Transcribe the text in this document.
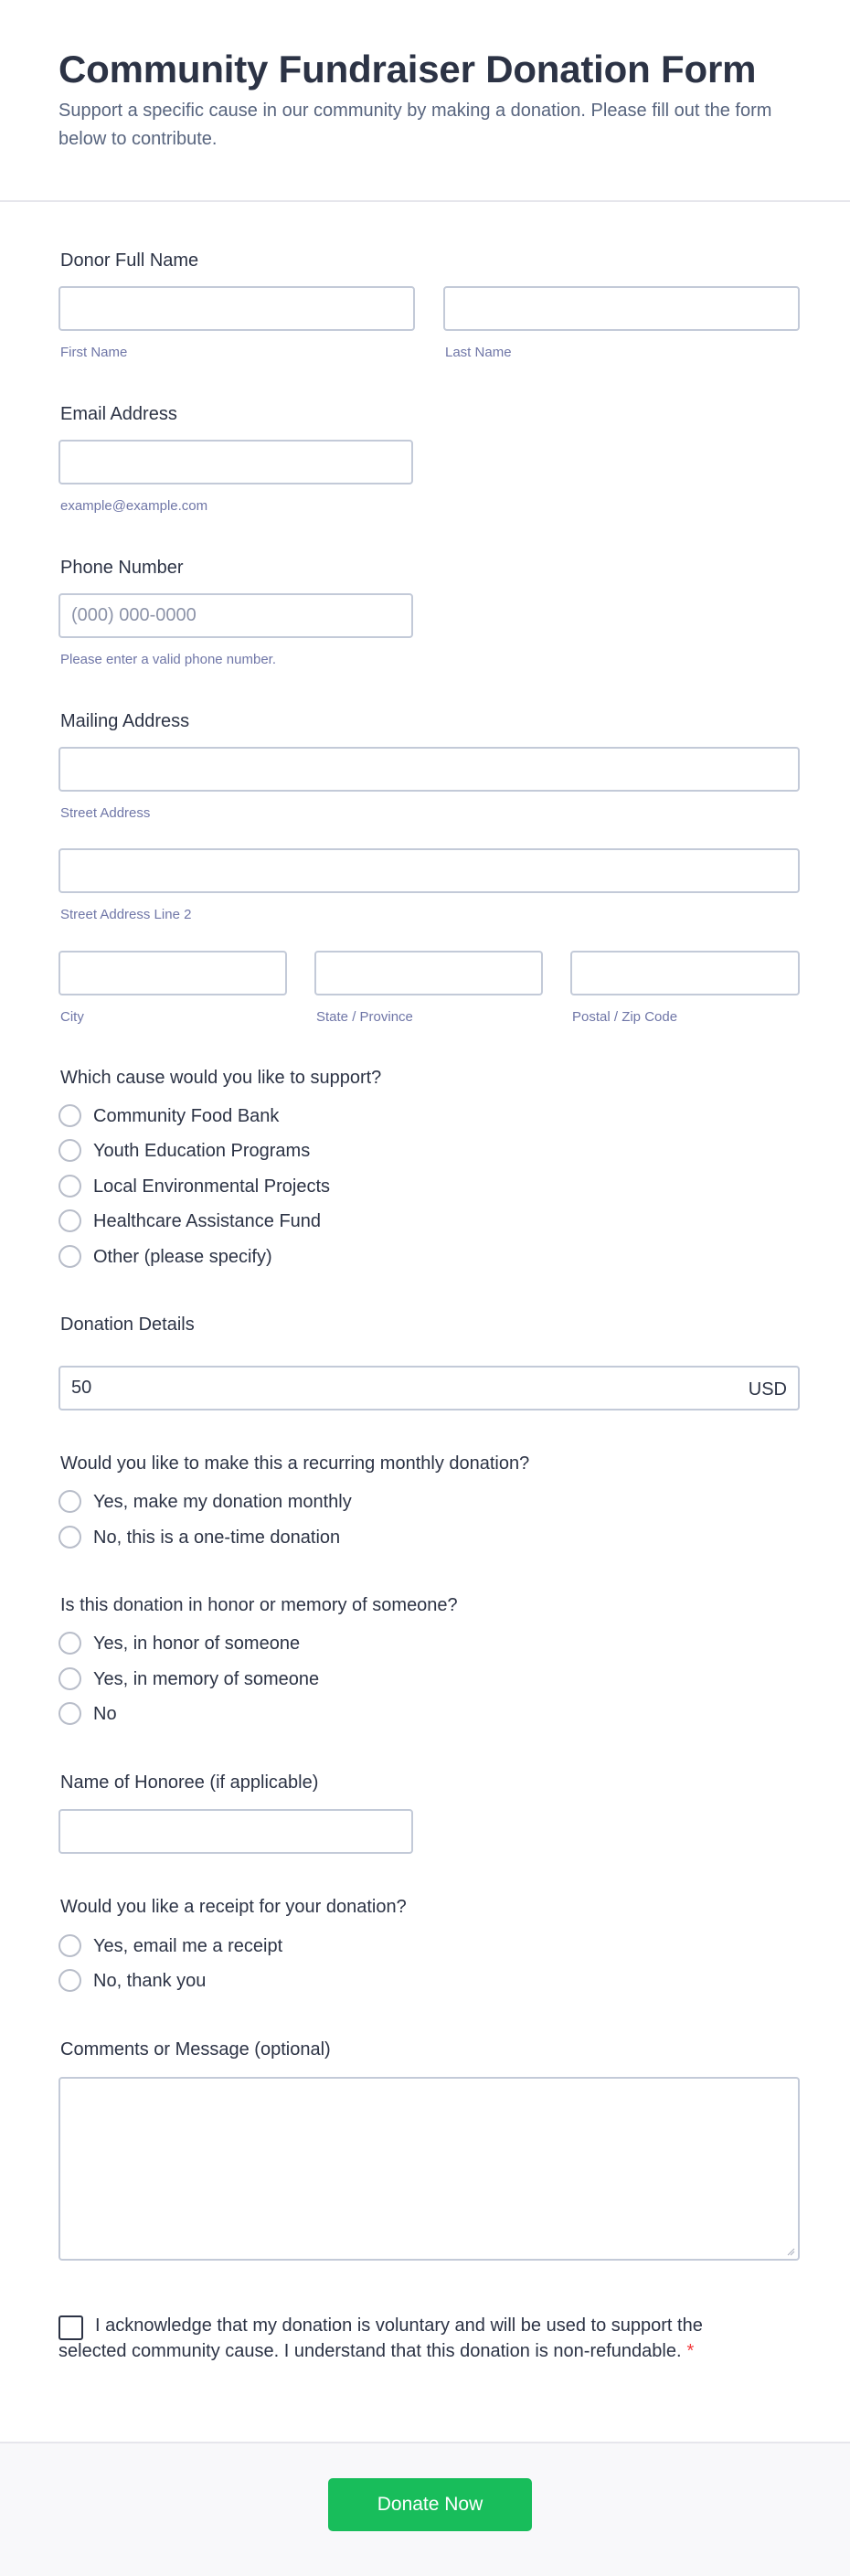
Community Fundraiser Donation Form
Support a specific cause in our community by making a donation. Please fill out the form below to contribute.
Donor Full Name
First Name	Last Name
Email Address
example@example.com
Phone Number
(000) 000-0000
Please enter a valid phone number.
Mailing Address
Street Address
Street Address Line 2
City	State / Province	Postal / Zip Code
Which cause would you like to support?
Community Food Bank
Youth Education Programs
Local Environmental Projects
Healthcare Assistance Fund
Other (please specify)
Donation Details
50
USD
Would you like to make this a recurring monthly donation?
Yes, make my donation monthly
No, this is a one-time donation
Is this donation in honor or memory of someone?
Yes, in honor of someone
Yes, in memory of someone
No
Name of Honoree (if applicable)
Would you like a receipt for your donation?
Yes, email me a receipt
No, thank you
Comments or Message (optional)
I acknowledge that my donation is voluntary and will be used to support the selected community cause. I understand that this donation is non-refundable. *
Donate Now
